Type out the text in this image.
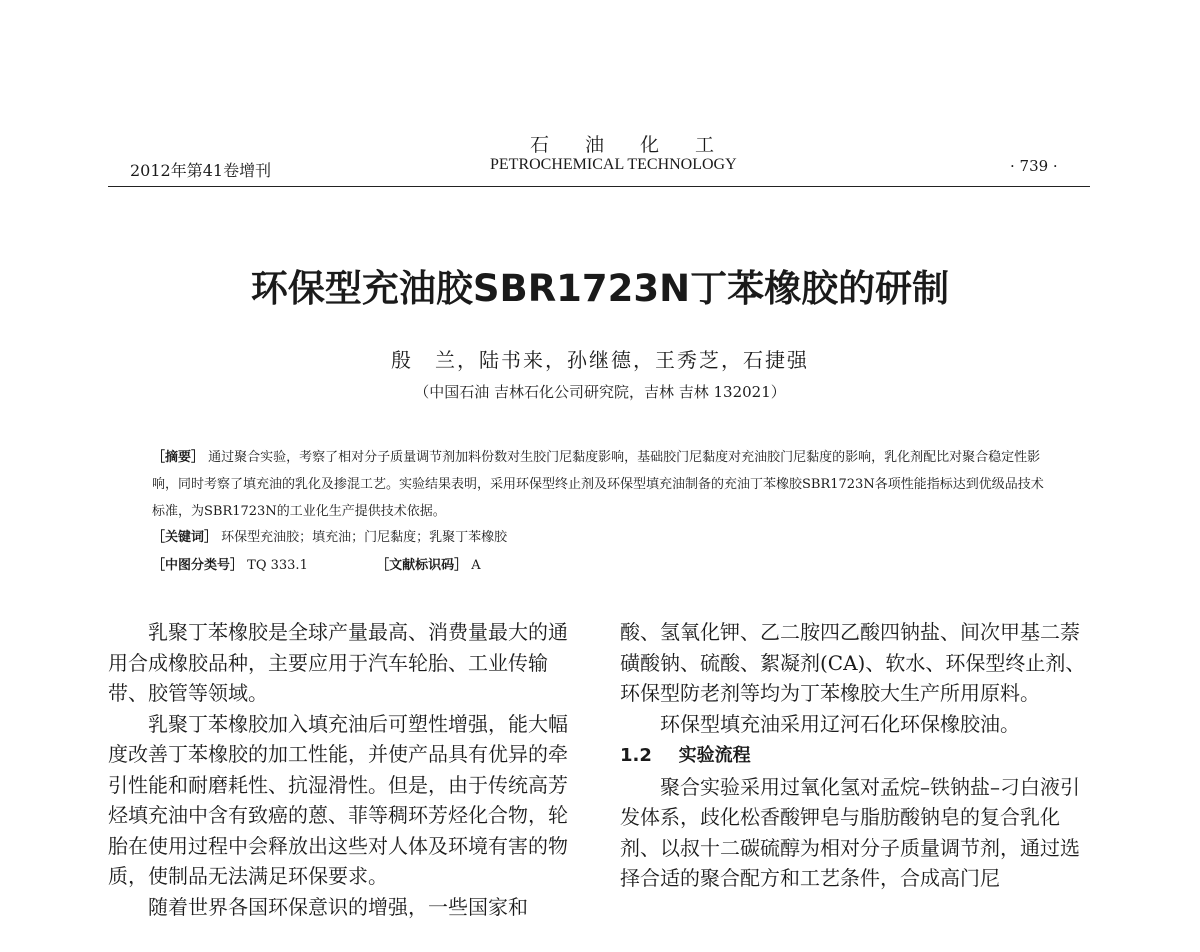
石油化工
2012年第41卷增刊	PETROCHEMICAL TECHNOLOGY	· 739 ·
环保型充油胶SBR1723N丁苯橡胶的研制
殷　兰，陆书来，孙继德，王秀芝，石捷强
（中国石油 吉林石化公司研究院，吉林 吉林 132021）
［摘要］ 通过聚合实验，考察了相对分子质量调节剂加料份数对生胶门尼黏度影响，基础胶门尼黏度对充油胶门尼黏度的影响，乳化剂配比对聚合稳定性影响，同时考察了填充油的乳化及掺混工艺。实验结果表明，采用环保型终止剂及环保型填充油制备的充油丁苯橡胶SBR1723N各项性能指标达到优级品技术标准，为SBR1723N的工业化生产提供技术依据。
［关键词］ 环保型充油胶；填充油；门尼黏度；乳聚丁苯橡胶
［中图分类号］ TQ 333.1	［文献标识码］ A

乳聚丁苯橡胶是全球产量最高、消费量最大的通用合成橡胶品种，主要应用于汽车轮胎、工业传输带、胶管等领域。

乳聚丁苯橡胶加入填充油后可塑性增强，能大幅度改善丁苯橡胶的加工性能，并使产品具有优异的牵引性能和耐磨耗性、抗湿滑性。但是，由于传统高芳烃填充油中含有致癌的蒽、菲等稠环芳烃化合物，轮胎在使用过程中会释放出这些对人体及环境有害的物质，使制品无法满足环保要求。

随着世界各国环保意识的增强，一些国家和

酸、氢氧化钾、乙二胺四乙酸四钠盐、间次甲基二萘磺酸钠、硫酸、絮凝剂(CA)、软水、环保型终止剂、环保型防老剂等均为丁苯橡胶大生产所用原料。

环保型填充油采用辽河石化环保橡胶油。

1.2 实验流程

聚合实验采用过氧化氢对孟烷–铁钠盐–刁白液引发体系，歧化松香酸钾皂与脂肪酸钠皂的复合乳化剂、以叔十二碳硫醇为相对分子质量调节剂，通过选择合适的聚合配方和工艺条件，合成高门尼
